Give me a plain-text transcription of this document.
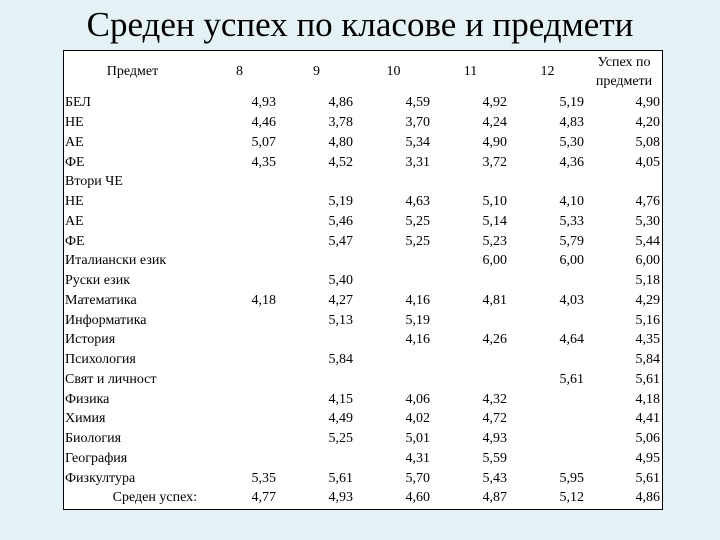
Среден успех по класове и предмети
Предмет	8	9	10	11	12	Успех по предмети
БЕЛ	4,93	4,86	4,59	4,92	5,19	4,90
НЕ	4,46	3,78	3,70	4,24	4,83	4,20
АЕ	5,07	4,80	5,34	4,90	5,30	5,08
ФЕ	4,35	4,52	3,31	3,72	4,36	4,05
Втори ЧЕ						
НЕ		5,19	4,63	5,10	4,10	4,76
АЕ		5,46	5,25	5,14	5,33	5,30
ФЕ		5,47	5,25	5,23	5,79	5,44
Италиански език				6,00	6,00	6,00
Руски език		5,40				5,18
Математика	4,18	4,27	4,16	4,81	4,03	4,29
Информатика		5,13	5,19			5,16
История			4,16	4,26	4,64	4,35
Психология		5,84				5,84
Свят и личност					5,61	5,61
Физика		4,15	4,06	4,32		4,18
Химия		4,49	4,02	4,72		4,41
Биология		5,25	5,01	4,93		5,06
География			4,31	5,59		4,95
Физкултура	5,35	5,61	5,70	5,43	5,95	5,61
Среден успех:	4,77	4,93	4,60	4,87	5,12	4,86
